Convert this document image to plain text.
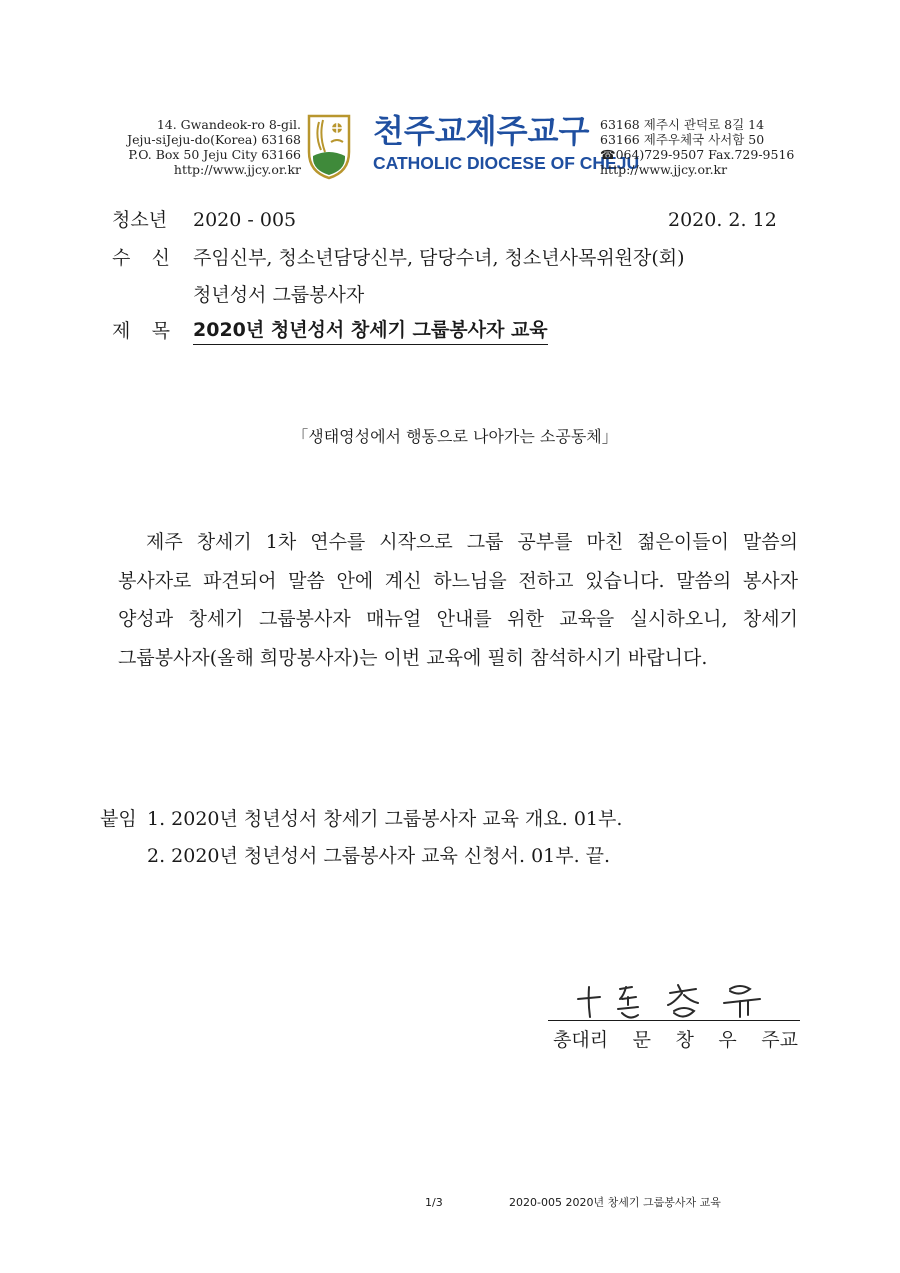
14. Gwandeok-ro 8-gil.
Jeju-siJeju-do(Korea) 63168
P.O. Box 50 Jeju City 63166
http://www.jjcy.or.kr
천주교제주교구
CATHOLIC DIOCESE OF CHEJU
63168 제주시 관덕로 8길 14
63166 제주우체국 사서함 50
☎064)729-9507 Fax.729-9516
http://www.jjcy.or.kr
청소년 2020 - 005	2020. 2. 12
수 신 주임신부, 청소년담당신부, 담당수녀, 청소년사목위원장(회)
청년성서 그룹봉사자
제 목 2020년 청년성서 창세기 그룹봉사자 교육
「생태영성에서 행동으로 나아가는 소공동체」
제주 창세기 1차 연수를 시작으로 그룹 공부를 마친 젊은이들이 말씀의 봉사자로 파견되어 말씀 안에 계신 하느님을 전하고 있습니다. 말씀의 봉사자 양성과 창세기 그룹봉사자 매뉴얼 안내를 위한 교육을 실시하오니, 창세기 그룹봉사자(올해 희망봉사자)는 이번 교육에 필히 참석하시기 바랍니다.
붙임 1. 2020년 청년성서 창세기 그룹봉사자 교육 개요. 01부.
2. 2020년 청년성서 그룹봉사자 교육 신청서. 01부. 끝.
총대리 문 창 우 주교
1/3	2020-005 2020년 창세기 그룹봉사자 교육
